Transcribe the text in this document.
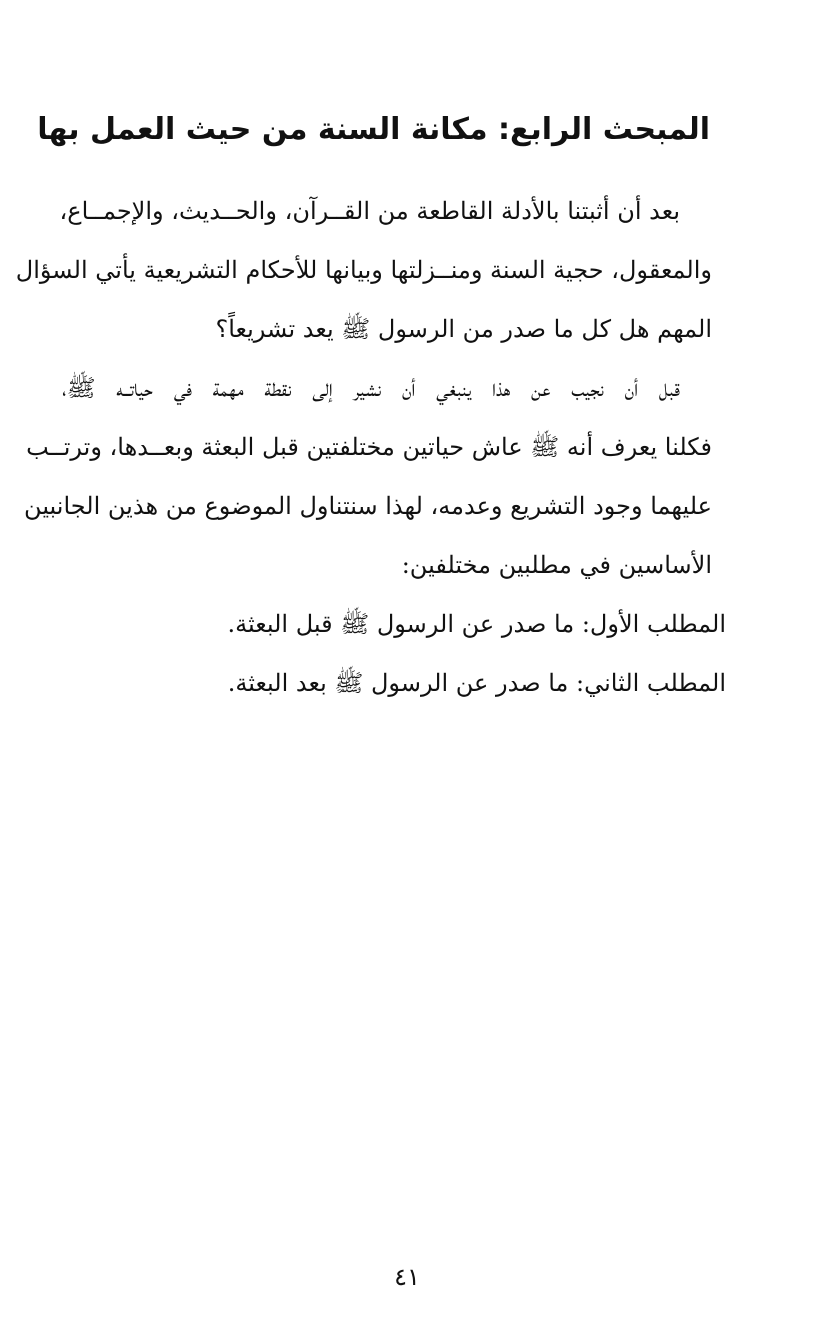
المبحث الرابع: مكانة السنة من حيث العمل بها

بعد أن أثبتنا بالأدلة القاطعة من القــرآن، والحــديث، والإجمــاع،
والمعقول، حجية السنة ومنــزلتها وبيانها للأحكام التشريعية يأتي السؤال
المهم هل كل ما صدر من الرسول ﷺ يعد تشريعاً؟

قبل أن نجيب عن هذا ينبغي أن نشير إلى نقطة مهمة في حياتــه ﷺ،
فكلنا يعرف أنه ﷺ عاش حياتين مختلفتين قبل البعثة وبعــدها، وترتــب
عليهما وجود التشريع وعدمه، لهذا سنتناول الموضوع من هذين الجانبين
الأساسين في مطلبين مختلفين:

المطلب الأول: ما صدر عن الرسول ﷺ قبل البعثة.
المطلب الثاني: ما صدر عن الرسول ﷺ بعد البعثة.
٤١
